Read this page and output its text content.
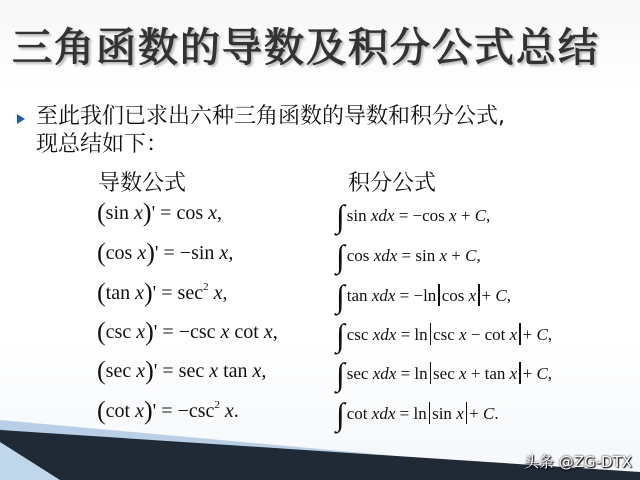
三角函数的导数及积分公式总结
至此我们已求出六种三角函数的导数和积分公式,
现总结如下：
导数公式	积分公式
(sin x)' = cos x,
(cos x)' = −sin x,
(tan $x)' = \sec^2 x$,
(csc x)' = −csc x cot x,
(sec x)' = sec x tan x,
(cot $x)' = -\csc^2$ x.
∫ sin xdx = −cos x + C,
∫ cos xdx = sin x + C,
∫ tan xdx = −ln cos x + C,
∫ csc xdx = ln csc x − cot x + C,
∫ sec xdx = ln sec x + tan x + C,
∫ cot xdx = ln sin x + C.
头条 @ZG-DTX
